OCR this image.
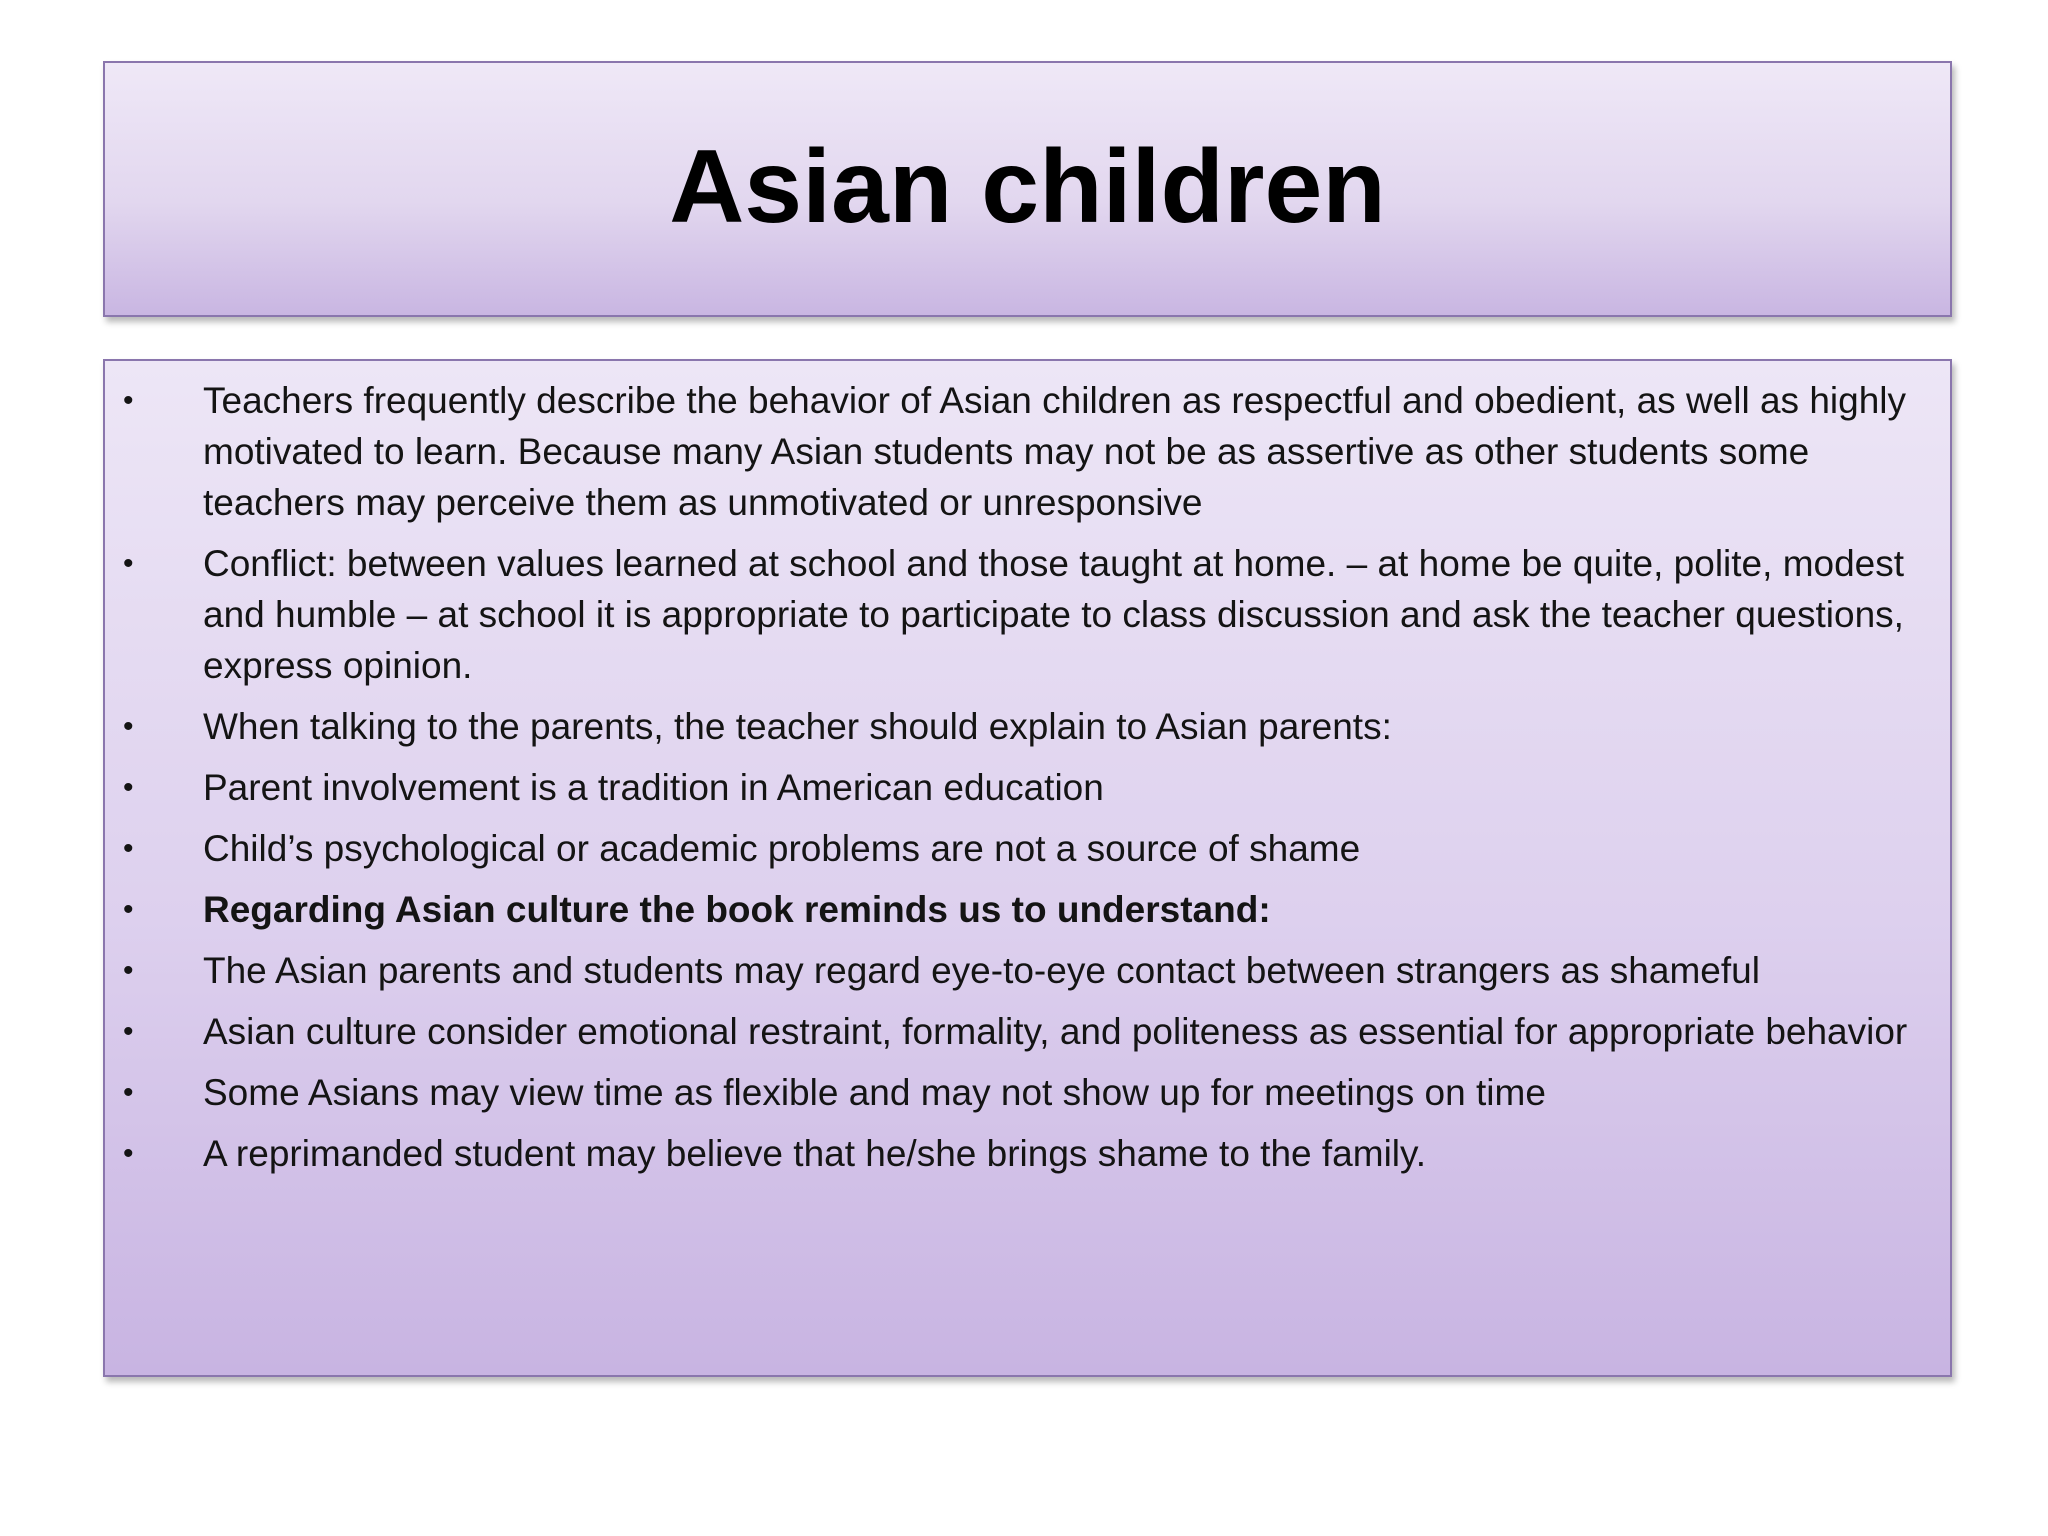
Asian children
• Teachers frequently describe the behavior of Asian children as respectful and obedient, as well as highly motivated to learn. Because many Asian students may not be as assertive as other students some teachers may perceive them as unmotivated or unresponsive
• Conflict: between values learned at school and those taught at home. – at home be quite, polite, modest and humble – at school it is appropriate to participate to class discussion and ask the teacher questions, express opinion.
• When talking to the parents, the teacher should explain to Asian parents:
• Parent involvement is a tradition in American education
• Child’s psychological or academic problems are not a source of shame
• Regarding Asian culture the book reminds us to understand:
• The Asian parents and students may regard eye-to-eye contact between strangers as shameful
• Asian culture consider emotional restraint, formality, and politeness as essential for appropriate behavior
• Some Asians may view time as flexible and may not show up for meetings on time
• A reprimanded student may believe that he/she brings shame to the family.
